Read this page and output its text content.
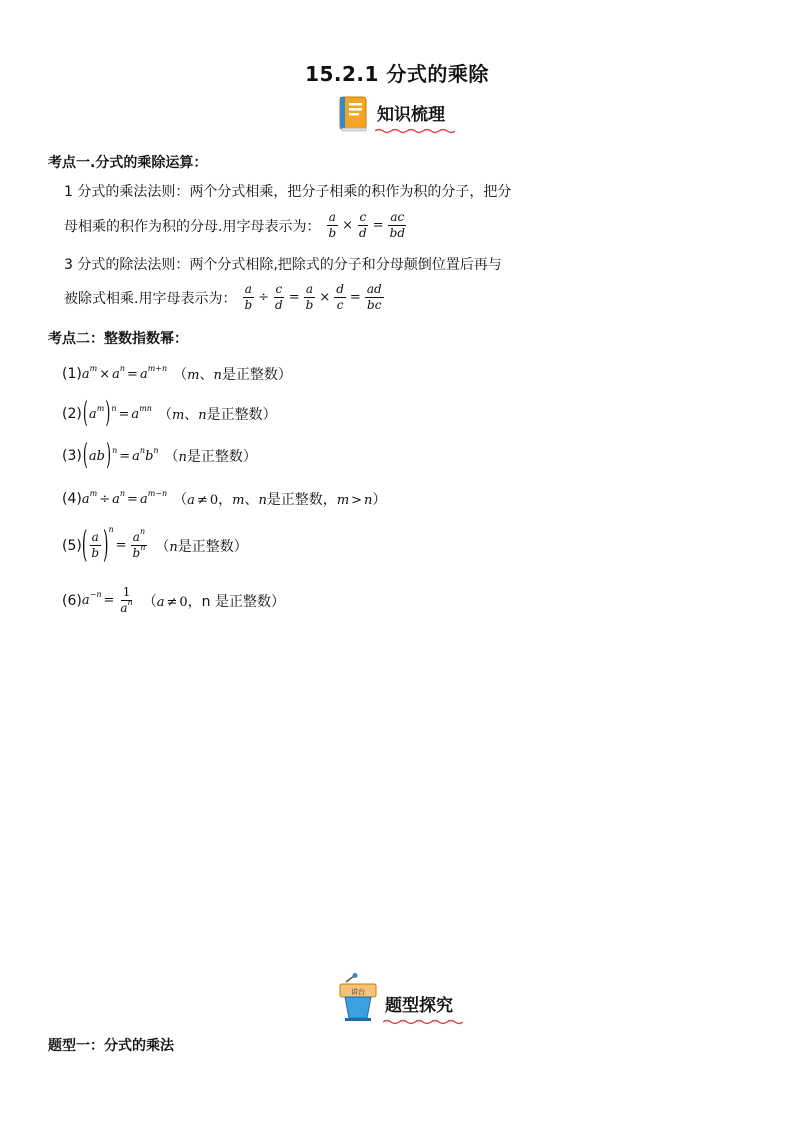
15.2.1 分式的乘除
知识梳理
考点一.分式的乘除运算：
1 分式的乘法法则：两个分式相乘，把分子相乘的积作为积的分子，把分
母相乘的积作为积的分母.用字母表示为： $\frac{a}{b} \times \frac{c}{d} = \frac{ac}{bd}$
3 分式的除法法则：两个分式相除,把除式的分子和分母颠倒位置后再与
被除式相乘.用字母表示为： $\frac{a}{b} \div \frac{c}{d} = \frac{a}{b} \times \frac{d}{c} = \frac{ad}{bc}$
考点二：整数指数幂：
(1) $a^m \times a^n = a^{m+n}$ （m、n是正整数）
(2) ( $a^m$ ) $^n = a^{mn}$ （m、n是正整数）
(3) ( ab ) $^n = a^nb^n$ （n是正整数）
(4) $a^m \div a^n = a^{m-n}$ （a ≠ 0，m、n是正整数，m > n）
(5) ( $\frac{a}{b}$ ) $^n$
= $\frac{a^n}{b^n} (n$是正整数）
(6) $a^{-n} = \frac{1}{a^n} (a \ne 0$，n 是正整数）
讲台
题型探究
题型一：分式的乘法
